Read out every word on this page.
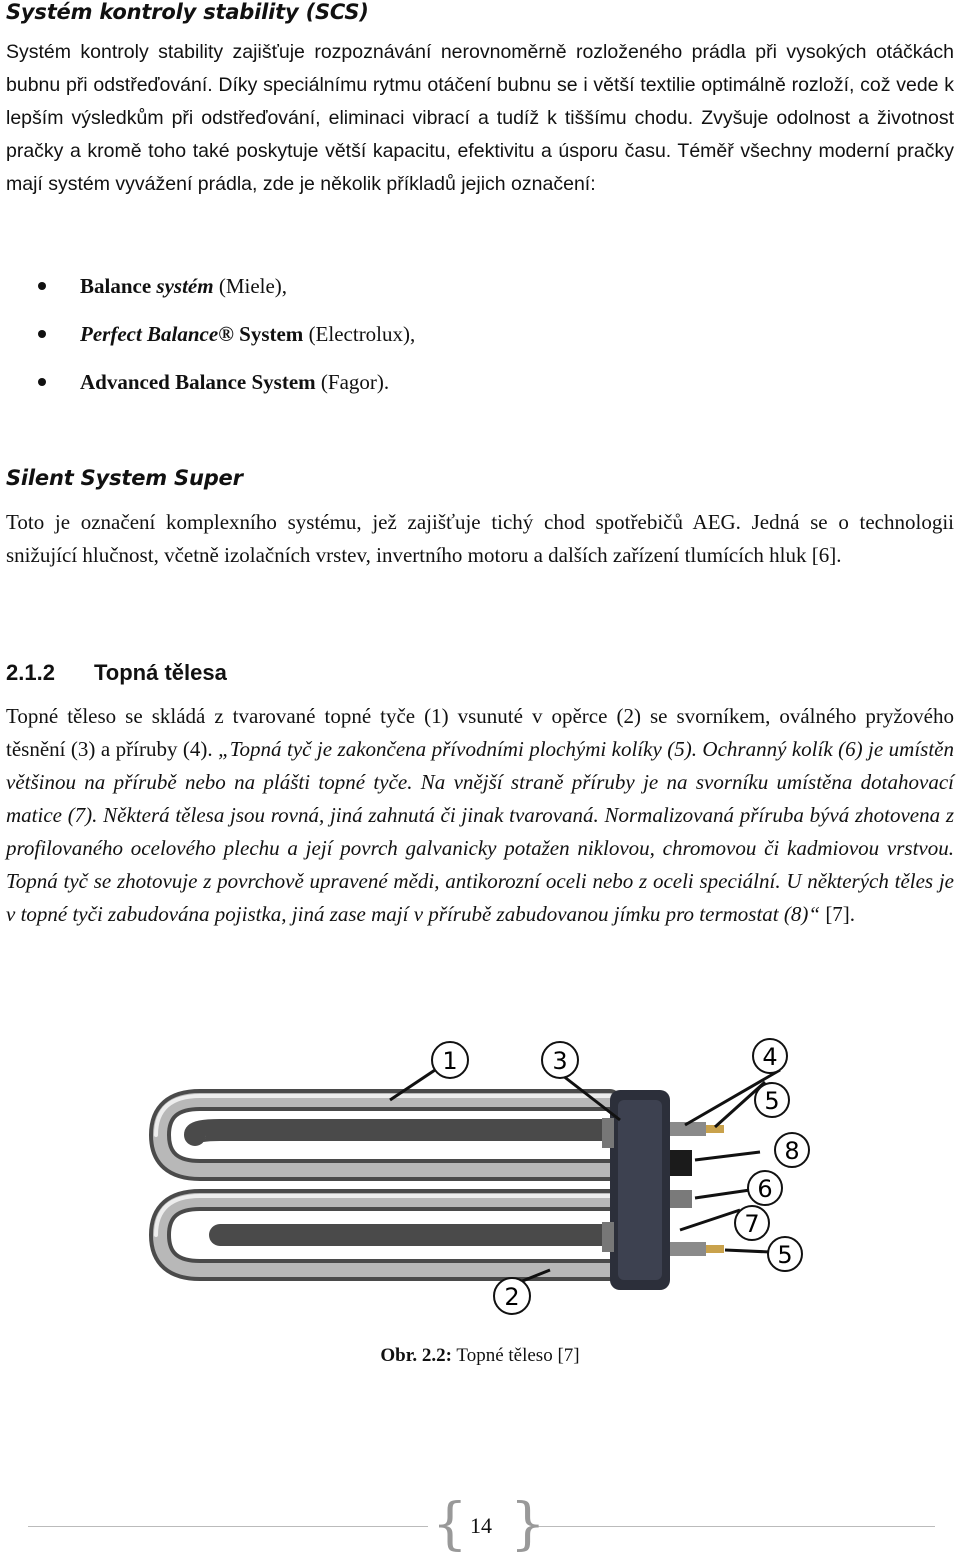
Systém kontroly stability (SCS)

Systém kontroly stability zajišťuje rozpoznávání nerovnoměrně rozloženého prádla při vysokých otáčkách bubnu při odstřeďování. Díky speciálnímu rytmu otáčení bubnu se i větší textilie optimálně rozloží, což vede k lepším výsledkům při odstřeďování, eliminaci vibrací a tudíž k tiššímu chodu. Zvyšuje odolnost a životnost pračky a kromě toho také poskytuje větší kapacitu, efektivitu a úsporu času. Téměř všechny moderní pračky mají systém vyvážení prádla, zde je několik příkladů jejich označení:

Balance systém (Miele),
Perfect Balance® System (Electrolux),
Advanced Balance System (Fagor).
Silent System Super

Toto je označení komplexního systému, jež zajišťuje tichý chod spotřebičů AEG. Jedná se o technologii snižující hlučnost, včetně izolačních vrstev, invertního motoru a dalších zařízení tlumících hluk [6].

2.1.2 Topná tělesa

Topné těleso se skládá z tvarované topné tyče (1) vsunuté v opěrce (2) se svorníkem, oválného pryžového těsnění (3) a příruby (4). „Topná tyč je zakončena přívodními plochými kolíky (5). Ochranný kolík (6) je umístěn většinou na přírubě nebo na plášti topné tyče. Na vnější straně příruby je na svorníku umístěna dotahovací matice (7). Některá tělesa jsou rovná, jiná zahnutá či jinak tvarovaná. Normalizovaná příruba bývá zhotovena z profilovaného ocelového plechu a její povrch galvanicky potažen niklovou, chromovou či kadmiovou vrstvou. Topná tyč se zhotovuje z povrchově upravené mědi, antikorozní oceli nebo z oceli speciální. U některých těles je v topné tyči zabudována pojistka, jiná zase mají v přírubě zabudovanou jímku pro termostat (8)“ [7].

1	3	4
5
8
6
7
5
2
Obr. 2.2: Topné těleso [7]
{ }
14
